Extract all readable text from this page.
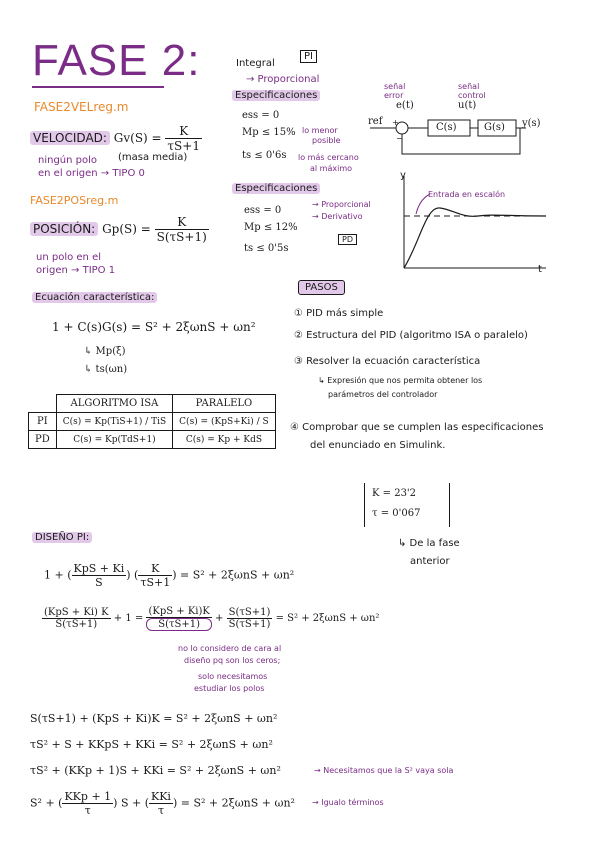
FASE 2:
FASE2VELreg.m
VELOCIDAD: $Gv(S) = \frac{K}{\tau S+1}$
ningún polo
en el origen → TIPO 0
(masa media)
FASE2POSreg.m
POSICIÓN: $Gp(S) = \frac{K}{S(\tau S+1)}$
un polo en el
origen → TIPO 1
Integral
→ Proporcional
PI
Especificaciones
ess = 0
Mp ≤ 15% lo menor
posible
ts ≤ 0'6s lo más cercano
al máximo
Especificaciones
ess = 0
Mp ≤ 12%
ts ≤ 0'5s
→ Proporcional
→ Derivativo
PD
señal error
e(t)
señal control
u(t)
ref +
−
C(s)	G(s) y(s)
y
t
Entrada en escalón
Ecuación característica:
1 + C(s)G(s) = S² + 2ξωnS + ωn²
↳ Mp(ξ)
↳ ts(ωn)
	ALGORITMO ISA	PARALELO
PI	C(s) = Kp(TiS+1) / TiS	C(s) = (KpS+Ki) / S
PD	C(s) = Kp(TdS+1)	C(s) = Kp + KdS
PASOS
① PID más simple
② Estructura del PID (algoritmo ISA o paralelo)
③ Resolver la ecuación característica
↳ Expresión que nos permita obtener los
parámetros del controlador
④ Comprobar que se cumplen las especificaciones
del enunciado en Simulink.
K = 23'2
τ = 0'067
↳ De la fase
anterior
DISEÑO PI:
1 + ( $\frac{\text{KpS + Ki}}{S}$ ) ( $\frac{K}{\tau S+1}$ ) = S² + 2ξωnS + ωn²
$\frac{\text{(KpS + Ki) K}}{S(\tau S+1)} + 1 = \frac{\text{(KpS + Ki)K}}{S(\tau S+1)} + \frac{S(\tau S+1)}{S(\tau S+1)} = S^2 + 2\xi\omega nS + \omega n^2$
no lo considero de cara al
diseño pq son los ceros;
solo necesitamos
estudiar los polos
S(τS+1) + (KpS + Ki)K = S² + 2ξωnS + ωn²
τS² + S + KKpS + KKi = S² + 2ξωnS + ωn²
τS² + (KKp + 1)S + KKi = S² + 2ξωnS + ωn²	→ Necesitamos que la S² vaya sola
S² + ( $\frac{\text{KKp + 1}}{\tau}$ ) S + ( $\frac{\text{KKi}}{\tau}$ ) = S² + 2ξωnS + ωn² → Igualo términos
